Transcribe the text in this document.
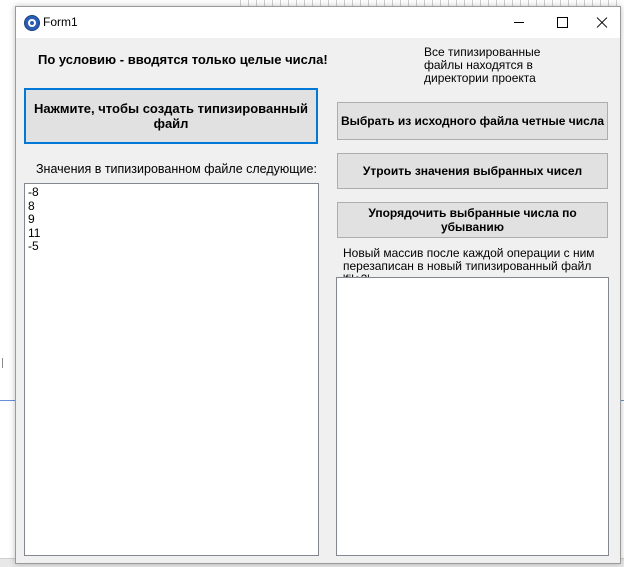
Form1
По условию - вводятся только целые числа!	Все типизированные
файлы находятся в
директории проекта
Нажмите, чтобы создать типизированный файл	Выбрать из исходного файла четные числа
Значения в типизированном файле следующие:	Утроить значения выбранных чисел
-8
8
9
11
-5
Упорядочить выбранные числа по убыванию
Новый массив после каждой операции с ним
перезаписан в новый типизированный файл
